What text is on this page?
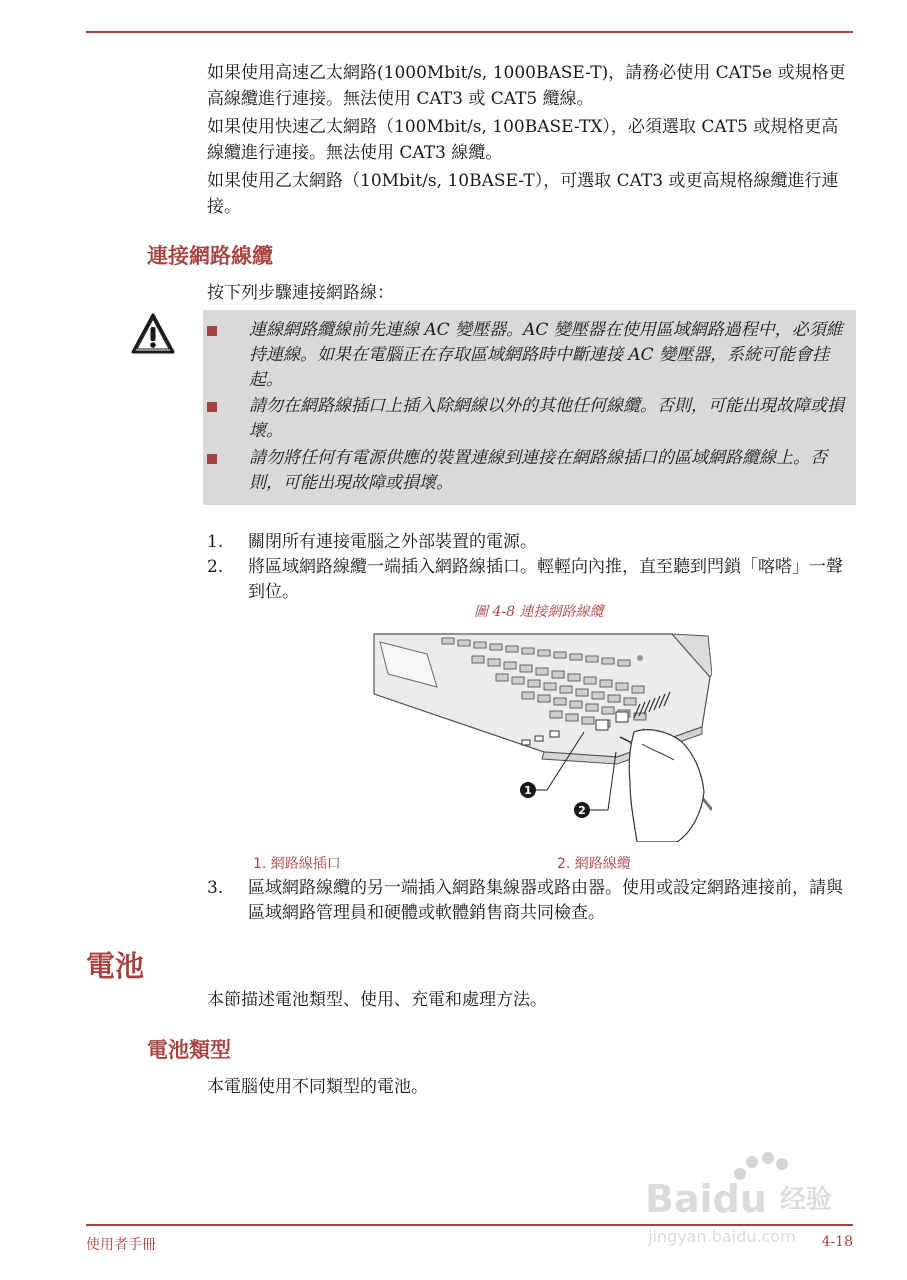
如果使用高速乙太網路(1000Mbit/s, 1000BASE-T)，請務必使用 CAT5e 或規格更高線纜進行連接。無法使用 CAT3 或 CAT5 纜線。

如果使用快速乙太網路（100Mbit/s, 100BASE-TX），必須選取 CAT5 或規格更高線纜進行連接。無法使用 CAT3 線纜。

如果使用乙太網路（10Mbit/s, 10BASE-T），可選取 CAT3 或更高規格線纜進行連接。

連接網路線纜

按下列步驟連接網路線：

連線網路纜線前先連線 AC 變壓器。AC 變壓器在使用區域網路過程中，必須維持連線。如果在電腦正在存取區域網路時中斷連接 AC 變壓器，系統可能會挂起。
請勿在網路線插口上插入除網線以外的其他任何線纜。否則，可能出現故障或損壞。
請勿將任何有電源供應的裝置連線到連接在網路線插口的區域網路纜線上。否則，可能出現故障或損壞。
1. 關閉所有連接電腦之外部裝置的電源。
2. 將區域網路線纜一端插入網路線插口。輕輕向內推，直至聽到閂鎖「喀嗒」一聲到位。
圖 4-8 連接網路線纜
1
2
1. 網路線插口	2. 網路線纜
3. 區域網路線纜的另一端插入網路集線器或路由器。使用或設定網路連接前，請與區域網路管理員和硬體或軟體銷售商共同檢查。
電池

本節描述電池類型、使用、充電和處理方法。

電池類型

本電腦使用不同類型的電池。

Baidu 经验
jingyan.baidu.com
使用者手冊	4-18
